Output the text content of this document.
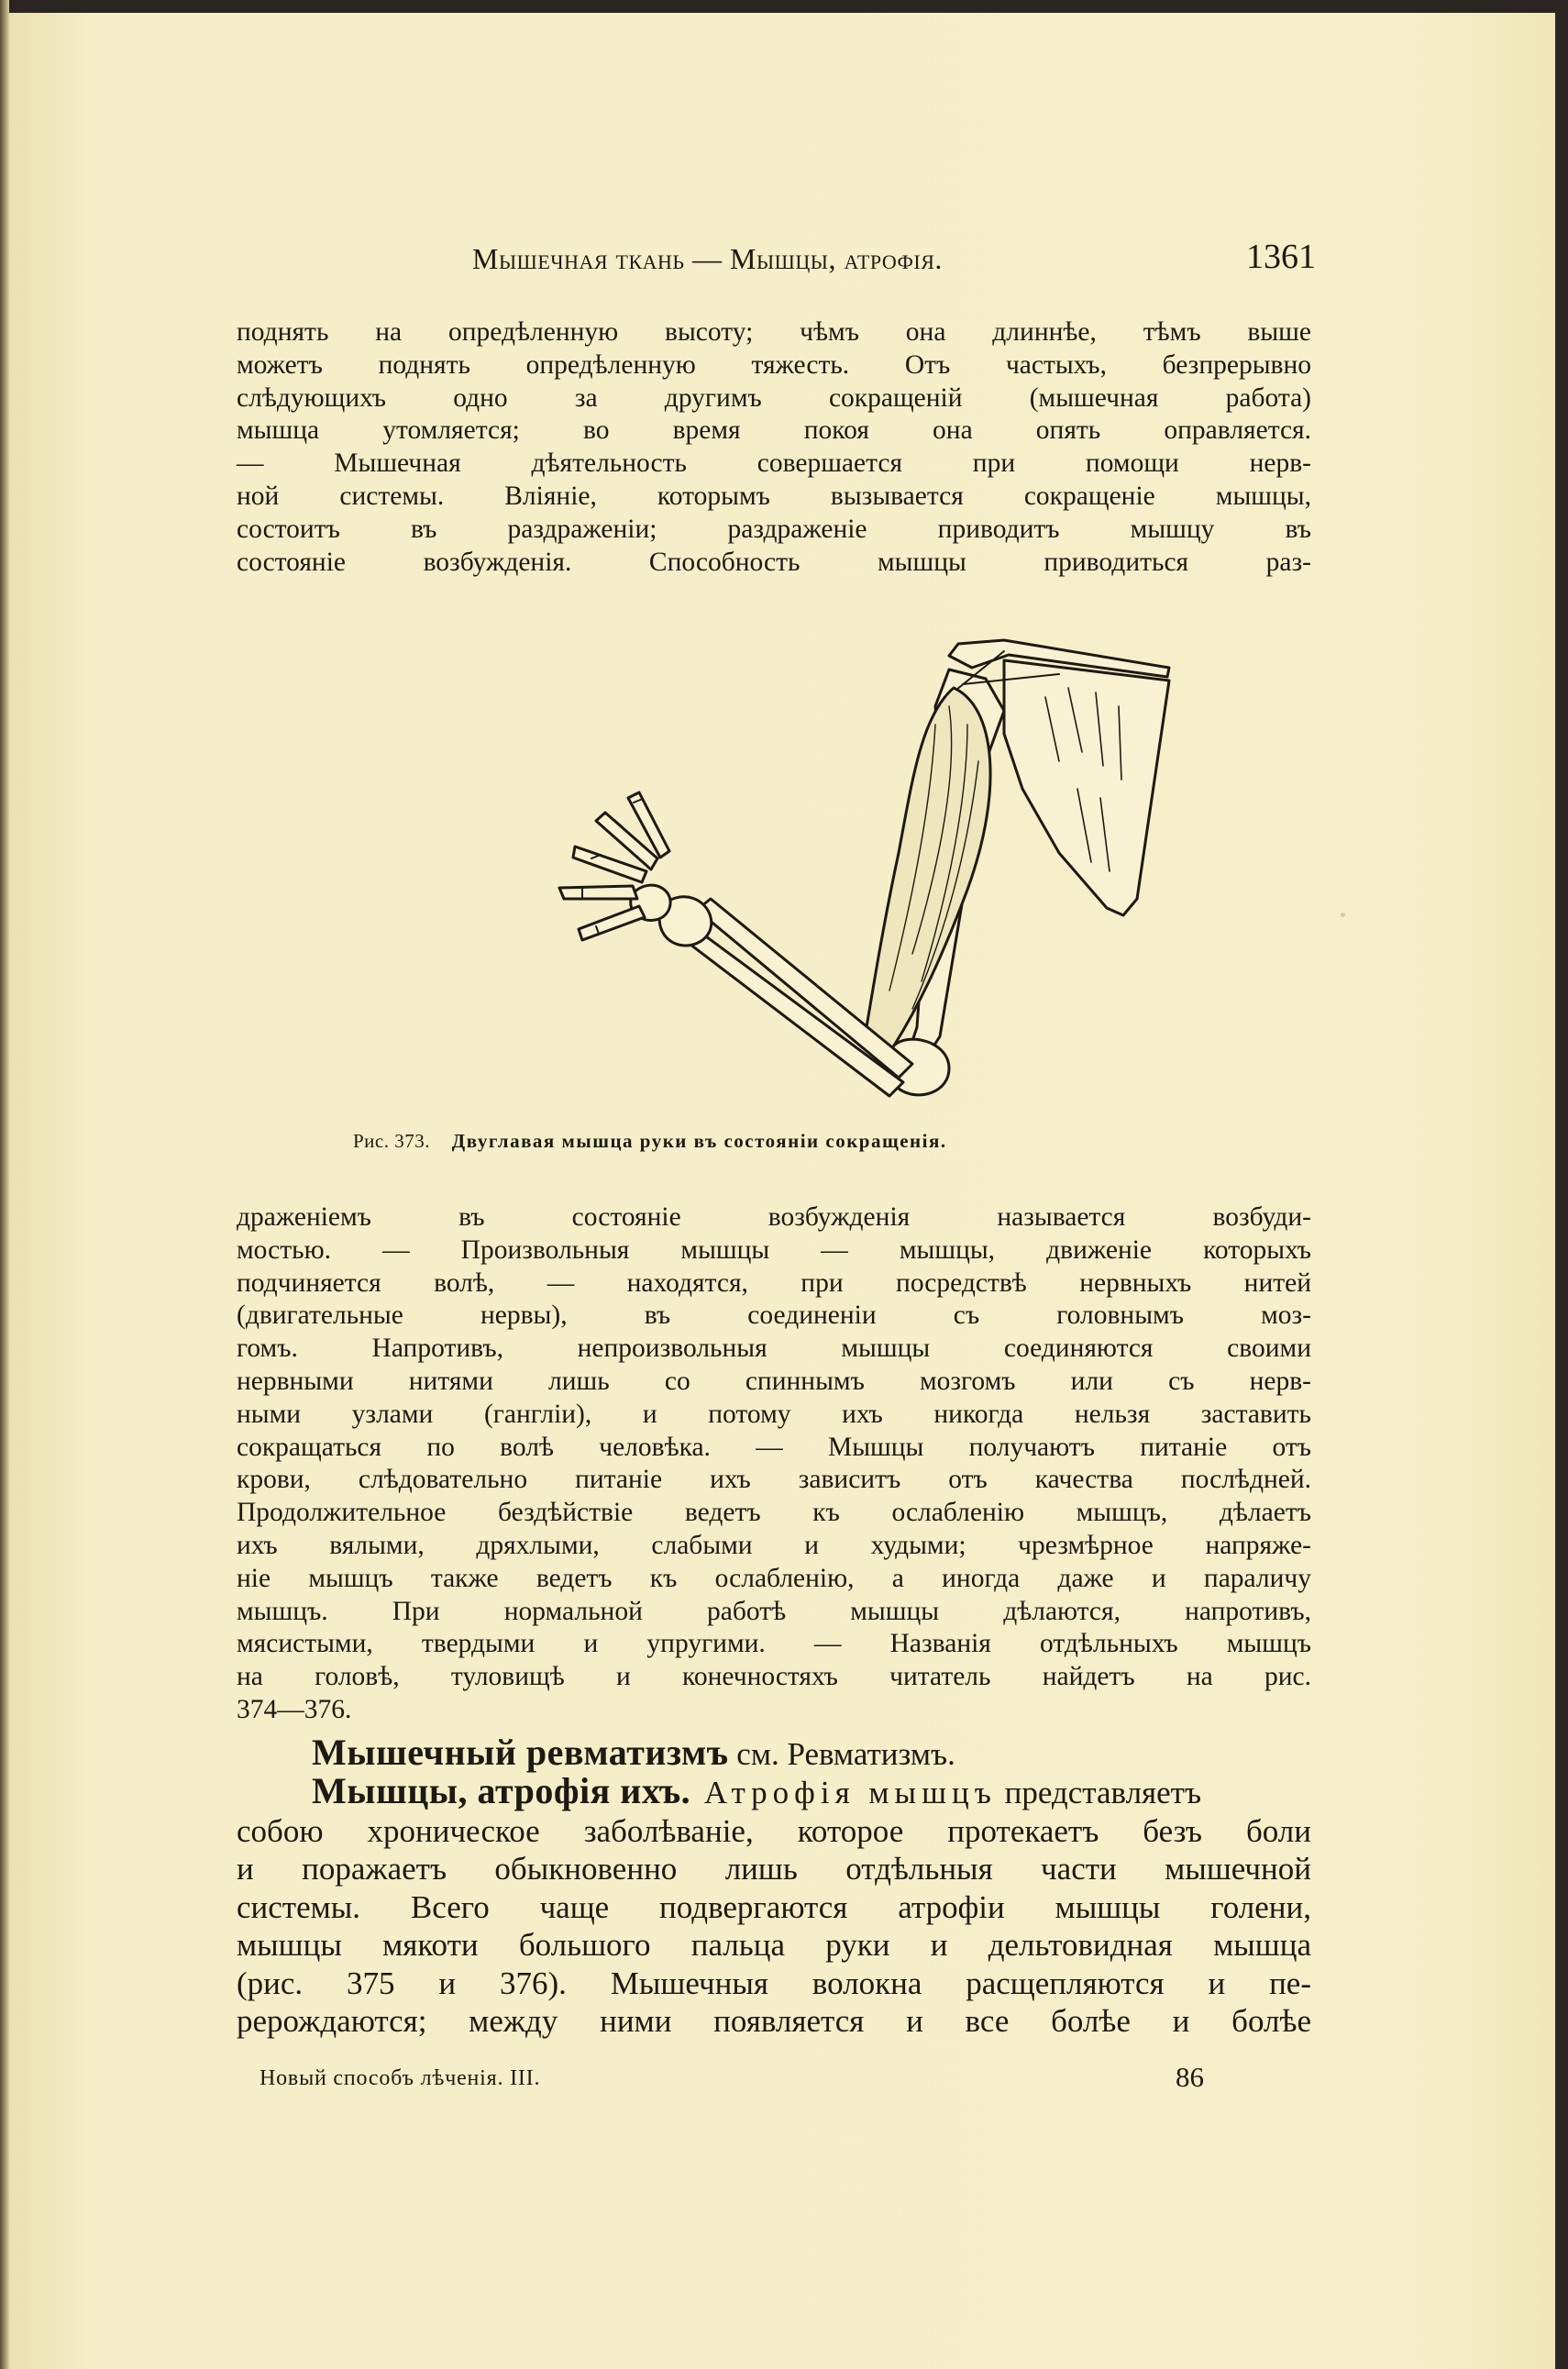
Мышечная ткань — Мышцы, атрофія.	1361
поднять на опредѣленную высоту; чѣмъ она длиннѣе, тѣмъ выше
можетъ поднять опредѣленную тяжесть. Отъ частыхъ, безпрерывно
слѣдующихъ одно за другимъ сокращеній (мышечная работа)
мышца утомляется; во время покоя она опять оправляется.
— Мышечная дѣятельность совершается при помощи нерв-
ной системы. Вліяніе, которымъ вызывается сокращеніе мышцы,
состоитъ въ раздраженіи; раздраженіе приводитъ мышцу въ
состояніе возбужденія. Способность мышцы приводиться раз-
Рис. 373. Двуглавая мышца руки въ состояніи сокращенія.
драженіемъ въ состояніе возбужденія называется возбуди-
мостью. — Произвольныя мышцы — мышцы, движеніе которыхъ
подчиняется волѣ, — находятся, при посредствѣ нервныхъ нитей
(двигательные нервы), въ соединеніи съ головнымъ моз-
гомъ. Напротивъ, непроизвольныя мышцы соединяются своими
нервными нитями лишь со спиннымъ мозгомъ или съ нерв-
ными узлами (гангліи), и потому ихъ никогда нельзя заставить
сокращаться по волѣ человѣка. — Мышцы получаютъ питаніе отъ
крови, слѣдовательно питаніе ихъ зависитъ отъ качества послѣдней.
Продолжительное бездѣйствіе ведетъ къ ослабленію мышцъ, дѣлаетъ
ихъ вялыми, дряхлыми, слабыми и худыми; чрезмѣрное напряже-
ніе мышцъ также ведетъ къ ослабленію, а иногда даже и параличу
мышцъ. При нормальной работѣ мышцы дѣлаются, напротивъ,
мясистыми, твердыми и упругими. — Названія отдѣльныхъ мышцъ
на головѣ, туловищѣ и конечностяхъ читатель найдетъ на рис.
374—376.
Мышечный ревматизмъ см. Ревматизмъ.
Мышцы, атрофія ихъ. Атрофія мышцъ представляетъ
собою хроническое заболѣваніе, которое протекаетъ безъ боли
и поражаетъ обыкновенно лишь отдѣльныя части мышечной
системы. Всего чаще подвергаются атрофіи мышцы голени,
мышцы мякоти большого пальца руки и дельтовидная мышца
(рис. 375 и 376). Мышечныя волокна расщепляются и пе-
рерождаются; между ними появляется и все болѣе и болѣе
Новый способъ лѣченія. III.	86
